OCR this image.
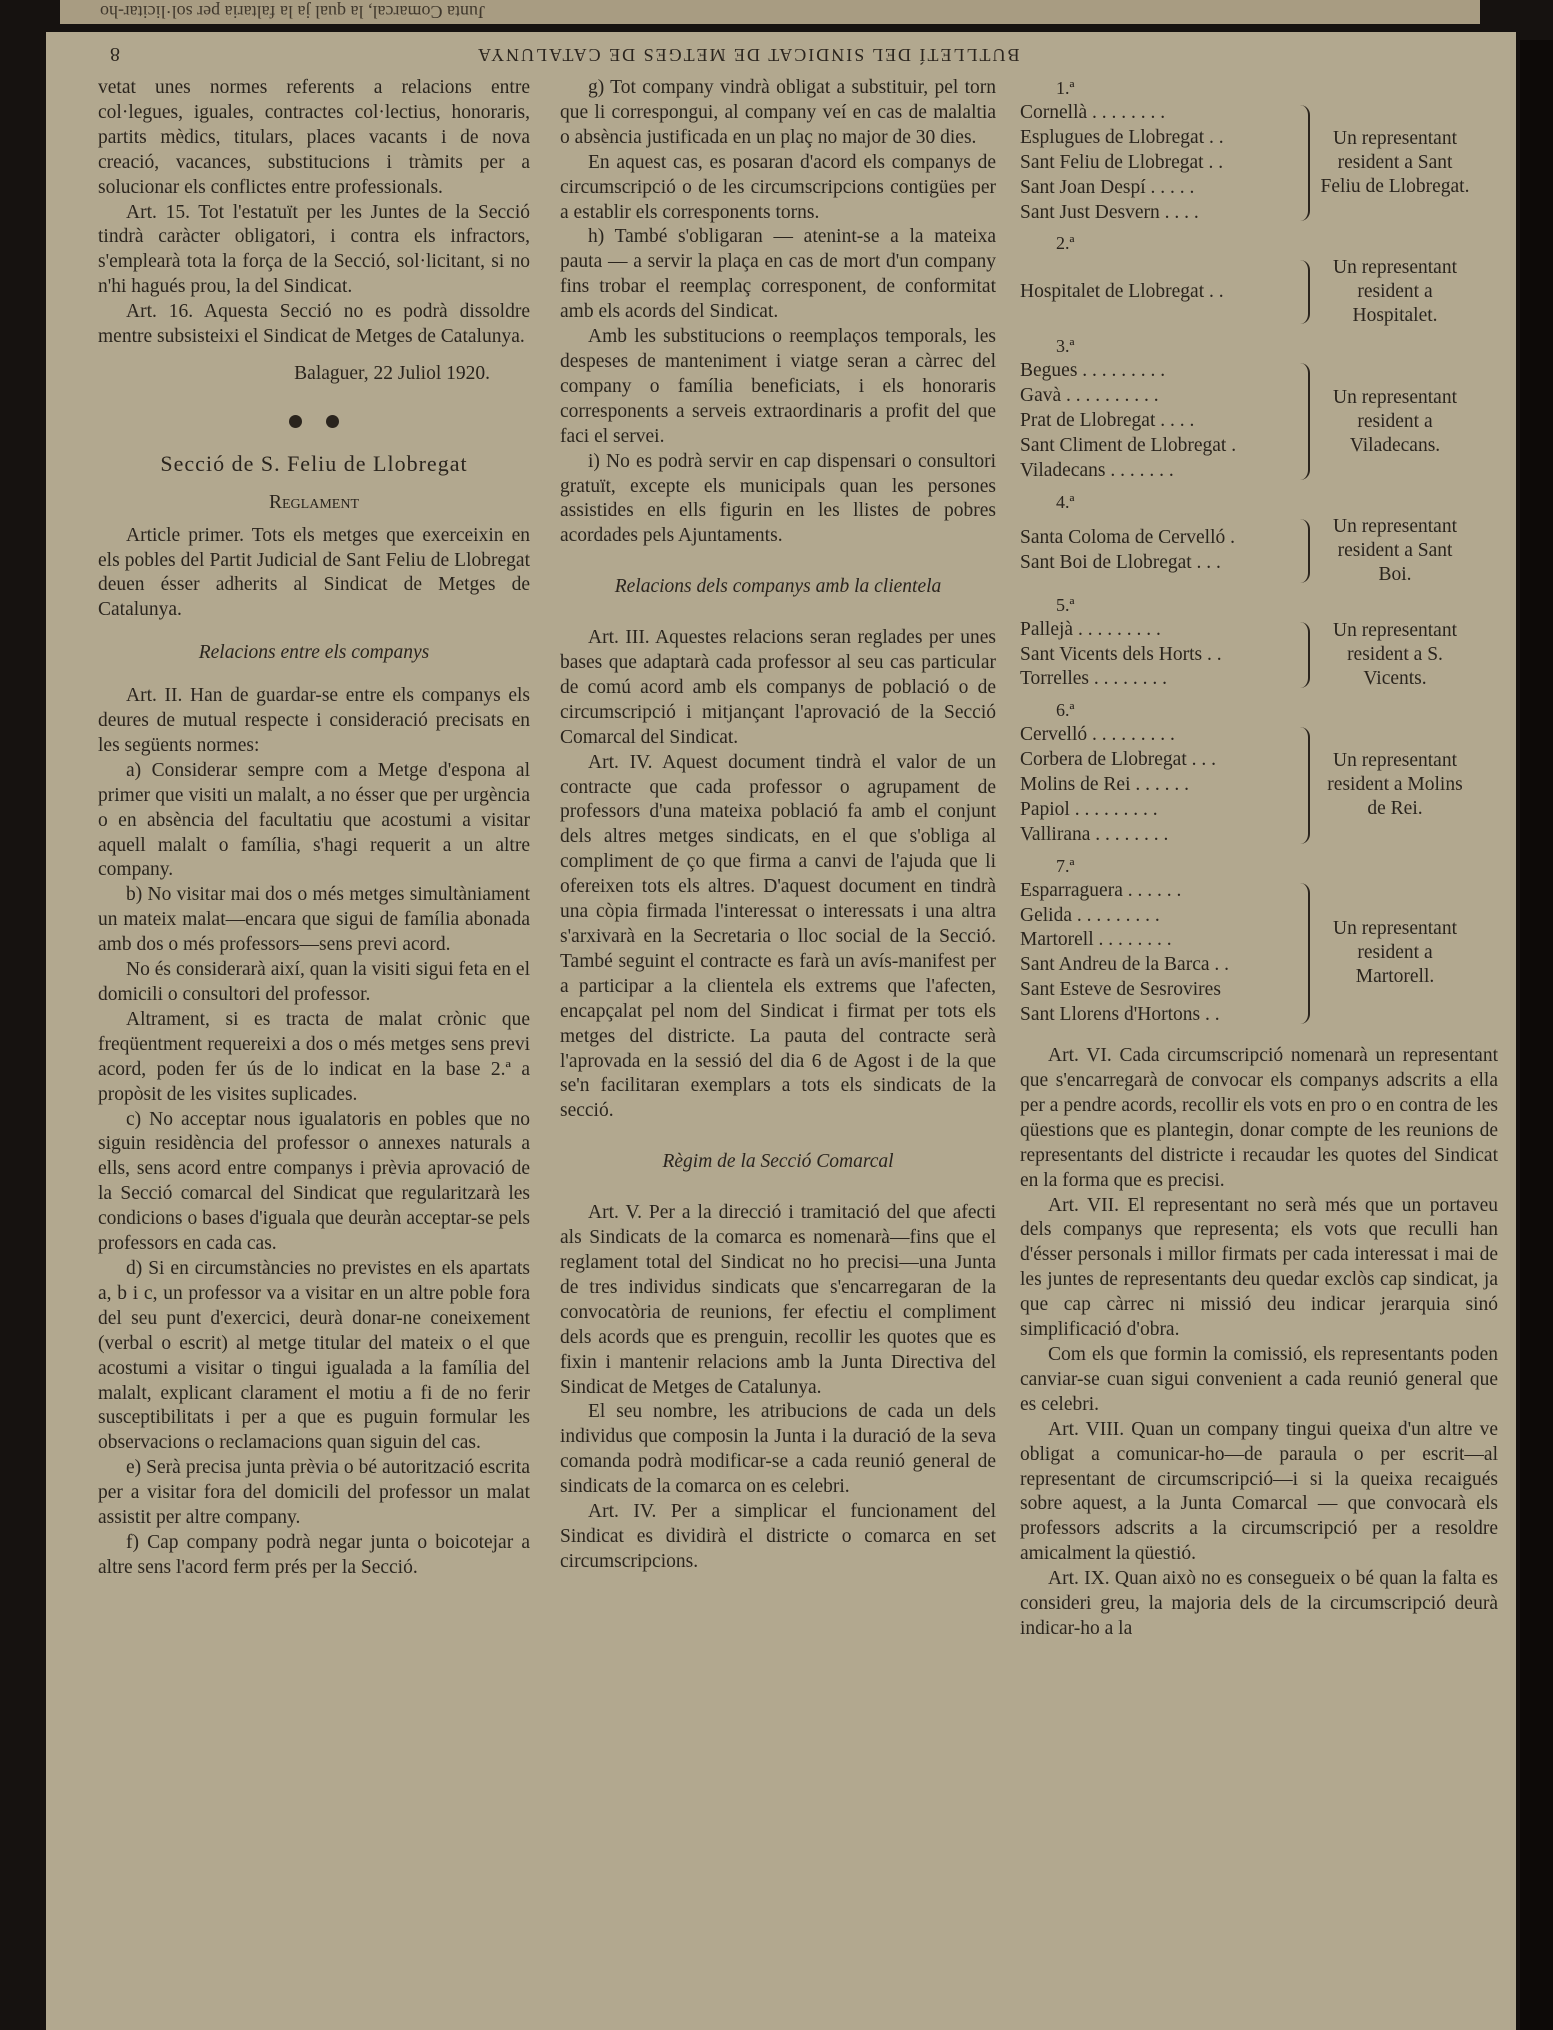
Junta Comarcal, la qual ja la faltaria per sol·licitar-ho
8	BUTLLETÍ DEL SINDICAT DE METGES DE CATALUNYA

vetat unes normes referents a relacions entre col·legues, iguales, contractes col·lectius, honoraris, partits mèdics, titulars, places vacants i de nova creació, vacances, substitucions i tràmits per a solucionar els conflictes entre professionals.

Art. 15. Tot l'estatuït per les Juntes de la Secció tindrà caràcter obligatori, i contra els infractors, s'emplearà tota la força de la Secció, sol·licitant, si no n'hi hagués prou, la del Sindicat.

Art. 16. Aquesta Secció no es podrà dissoldre mentre subsisteixi el Sindicat de Metges de Catalunya.

Balaguer, 22 Juliol 1920.

Secció de S. Feliu de Llobregat
Reglament

Article primer. Tots els metges que exerceixin en els pobles del Partit Judicial de Sant Feliu de Llobregat deuen ésser adherits al Sindicat de Metges de Catalunya.

Relacions entre els companys

Art. II. Han de guardar-se entre els companys els deures de mutual respecte i consideració precisats en les següents normes:

a) Considerar sempre com a Metge d'espona al primer que visiti un malalt, a no ésser que per urgència o en absència del facultatiu que acostumi a visitar aquell malalt o família, s'hagi requerit a un altre company.

b) No visitar mai dos o més metges simultàniament un mateix malat—encara que sigui de família abonada amb dos o més professors—sens previ acord.

No és considerarà així, quan la visiti sigui feta en el domicili o consultori del professor.

Altrament, si es tracta de malat crònic que freqüentment requereixi a dos o més metges sens previ acord, poden fer ús de lo indicat en la base 2.ª a propòsit de les visites suplicades.

c) No acceptar nous igualatoris en pobles que no siguin residència del professor o annexes naturals a ells, sens acord entre companys i prèvia aprovació de la Secció comarcal del Sindicat que regularitzarà les condicions o bases d'iguala que deuràn acceptar-se pels professors en cada cas.

d) Si en circumstàncies no previstes en els apartats a, b i c, un professor va a visitar en un altre poble fora del seu punt d'exercici, deurà donar-ne coneixement (verbal o escrit) al metge titular del mateix o el que acostumi a visitar o tingui igualada a la família del malalt, explicant clarament el motiu a fi de no ferir susceptibilitats i per a que es puguin formular les observacions o reclamacions quan siguin del cas.

e) Serà precisa junta prèvia o bé autorització escrita per a visitar fora del domicili del professor un malat assistit per altre company.

f) Cap company podrà negar junta o boicotejar a altre sens l'acord ferm prés per la Secció.

g) Tot company vindrà obligat a substituir, pel torn que li correspongui, al company veí en cas de malaltia o absència justificada en un plaç no major de 30 dies.

En aquest cas, es posaran d'acord els companys de circumscripció o de les circumscripcions contigües per a establir els corresponents torns.

h) També s'obligaran — atenint-se a la mateixa pauta — a servir la plaça en cas de mort d'un company fins trobar el reemplaç corresponent, de conformitat amb els acords del Sindicat.

Amb les substitucions o reemplaços temporals, les despeses de manteniment i viatge seran a càrrec del company o família beneficiats, i els honoraris corresponents a serveis extraordinaris a profit del que faci el servei.

i) No es podrà servir en cap dispensari o consultori gratuït, excepte els municipals quan les persones assistides en ells figurin en les llistes de pobres acordades pels Ajuntaments.

Relacions dels companys amb la clientela

Art. III. Aquestes relacions seran reglades per unes bases que adaptarà cada professor al seu cas particular de comú acord amb els companys de població o de circumscripció i mitjançant l'aprovació de la Secció Comarcal del Sindicat.

Art. IV. Aquest document tindrà el valor de un contracte que cada professor o agrupament de professors d'una mateixa població fa amb el conjunt dels altres metges sindicats, en el que s'obliga al compliment de ço que firma a canvi de l'ajuda que li ofereixen tots els altres. D'aquest document en tindrà una còpia firmada l'interessat o interessats i una altra s'arxivarà en la Secretaria o lloc social de la Secció. També seguint el contracte es farà un avís-manifest per a participar a la clientela els extrems que l'afecten, encapçalat pel nom del Sindicat i firmat per tots els metges del districte. La pauta del contracte serà l'aprovada en la sessió del dia 6 de Agost i de la que se'n facilitaran exemplars a tots els sindicats de la secció.

Règim de la Secció Comarcal

Art. V. Per a la direcció i tramitació del que afecti als Sindicats de la comarca es nomenarà—fins que el reglament total del Sindicat no ho precisi—una Junta de tres individus sindicats que s'encarregaran de la convocatòria de reunions, fer efectiu el compliment dels acords que es prenguin, recollir les quotes que es fixin i mantenir relacions amb la Junta Directiva del Sindicat de Metges de Catalunya.

El seu nombre, les atribucions de cada un dels individus que composin la Junta i la duració de la seva comanda podrà modificar-se a cada reunió general de sindicats de la comarca on es celebri.

Art. IV. Per a simplicar el funcionament del Sindicat es dividirà el districte o comarca en set circumscripcions.

1.ª
Cornellà . . . . . . . .
Esplugues de Llobregat . .
Sant Feliu de Llobregat . .
Sant Joan Despí . . . . .
Sant Just Desvern . . . .
Un representant resident a Sant Feliu de Llobregat.
2.ª
Hospitalet de Llobregat . .
Un representant resident a Hospitalet.
3.ª
Begues . . . . . . . . .
Gavà . . . . . . . . . .
Prat de Llobregat . . . .
Sant Climent de Llobregat .
Viladecans . . . . . . .
Un representant resident a Viladecans.
4.ª
Santa Coloma de Cervelló .
Sant Boi de Llobregat . . .
Un representant resident a Sant Boi.
5.ª
Pallejà . . . . . . . . .
Sant Vicents dels Horts . .
Torrelles . . . . . . . .
Un representant resident a S. Vicents.
6.ª
Cervelló . . . . . . . . .
Corbera de Llobregat . . .
Molins de Rei . . . . . .
Papiol . . . . . . . . .
Vallirana . . . . . . . .
Un representant resident a Molins de Rei.
7.ª
Esparraguera . . . . . .
Gelida . . . . . . . . .
Martorell . . . . . . . .
Sant Andreu de la Barca . .
Sant Esteve de Sesrovires
Sant Llorens d'Hortons . .
Un representant resident a Martorell.

Art. VI. Cada circumscripció nomenarà un representant que s'encarregarà de convocar els companys adscrits a ella per a pendre acords, recollir els vots en pro o en contra de les qüestions que es plantegin, donar compte de les reunions de representants del districte i recaudar les quotes del Sindicat en la forma que es precisi.

Art. VII. El representant no serà més que un portaveu dels companys que representa; els vots que reculli han d'ésser personals i millor firmats per cada interessat i mai de les juntes de representants deu quedar exclòs cap sindicat, ja que cap càrrec ni missió deu indicar jerarquia sinó simplificació d'obra.

Com els que formin la comissió, els representants poden canviar-se cuan sigui convenient a cada reunió general que es celebri.

Art. VIII. Quan un company tingui queixa d'un altre ve obligat a comunicar-ho—de paraula o per escrit—al representant de circumscripció—i si la queixa recaigués sobre aquest, a la Junta Comarcal — que convocarà els professors adscrits a la circumscripció per a resoldre amicalment la qüestió.

Art. IX. Quan això no es consegueix o bé quan la falta es consideri greu, la majoria dels de la circumscripció deurà indicar-ho a la
